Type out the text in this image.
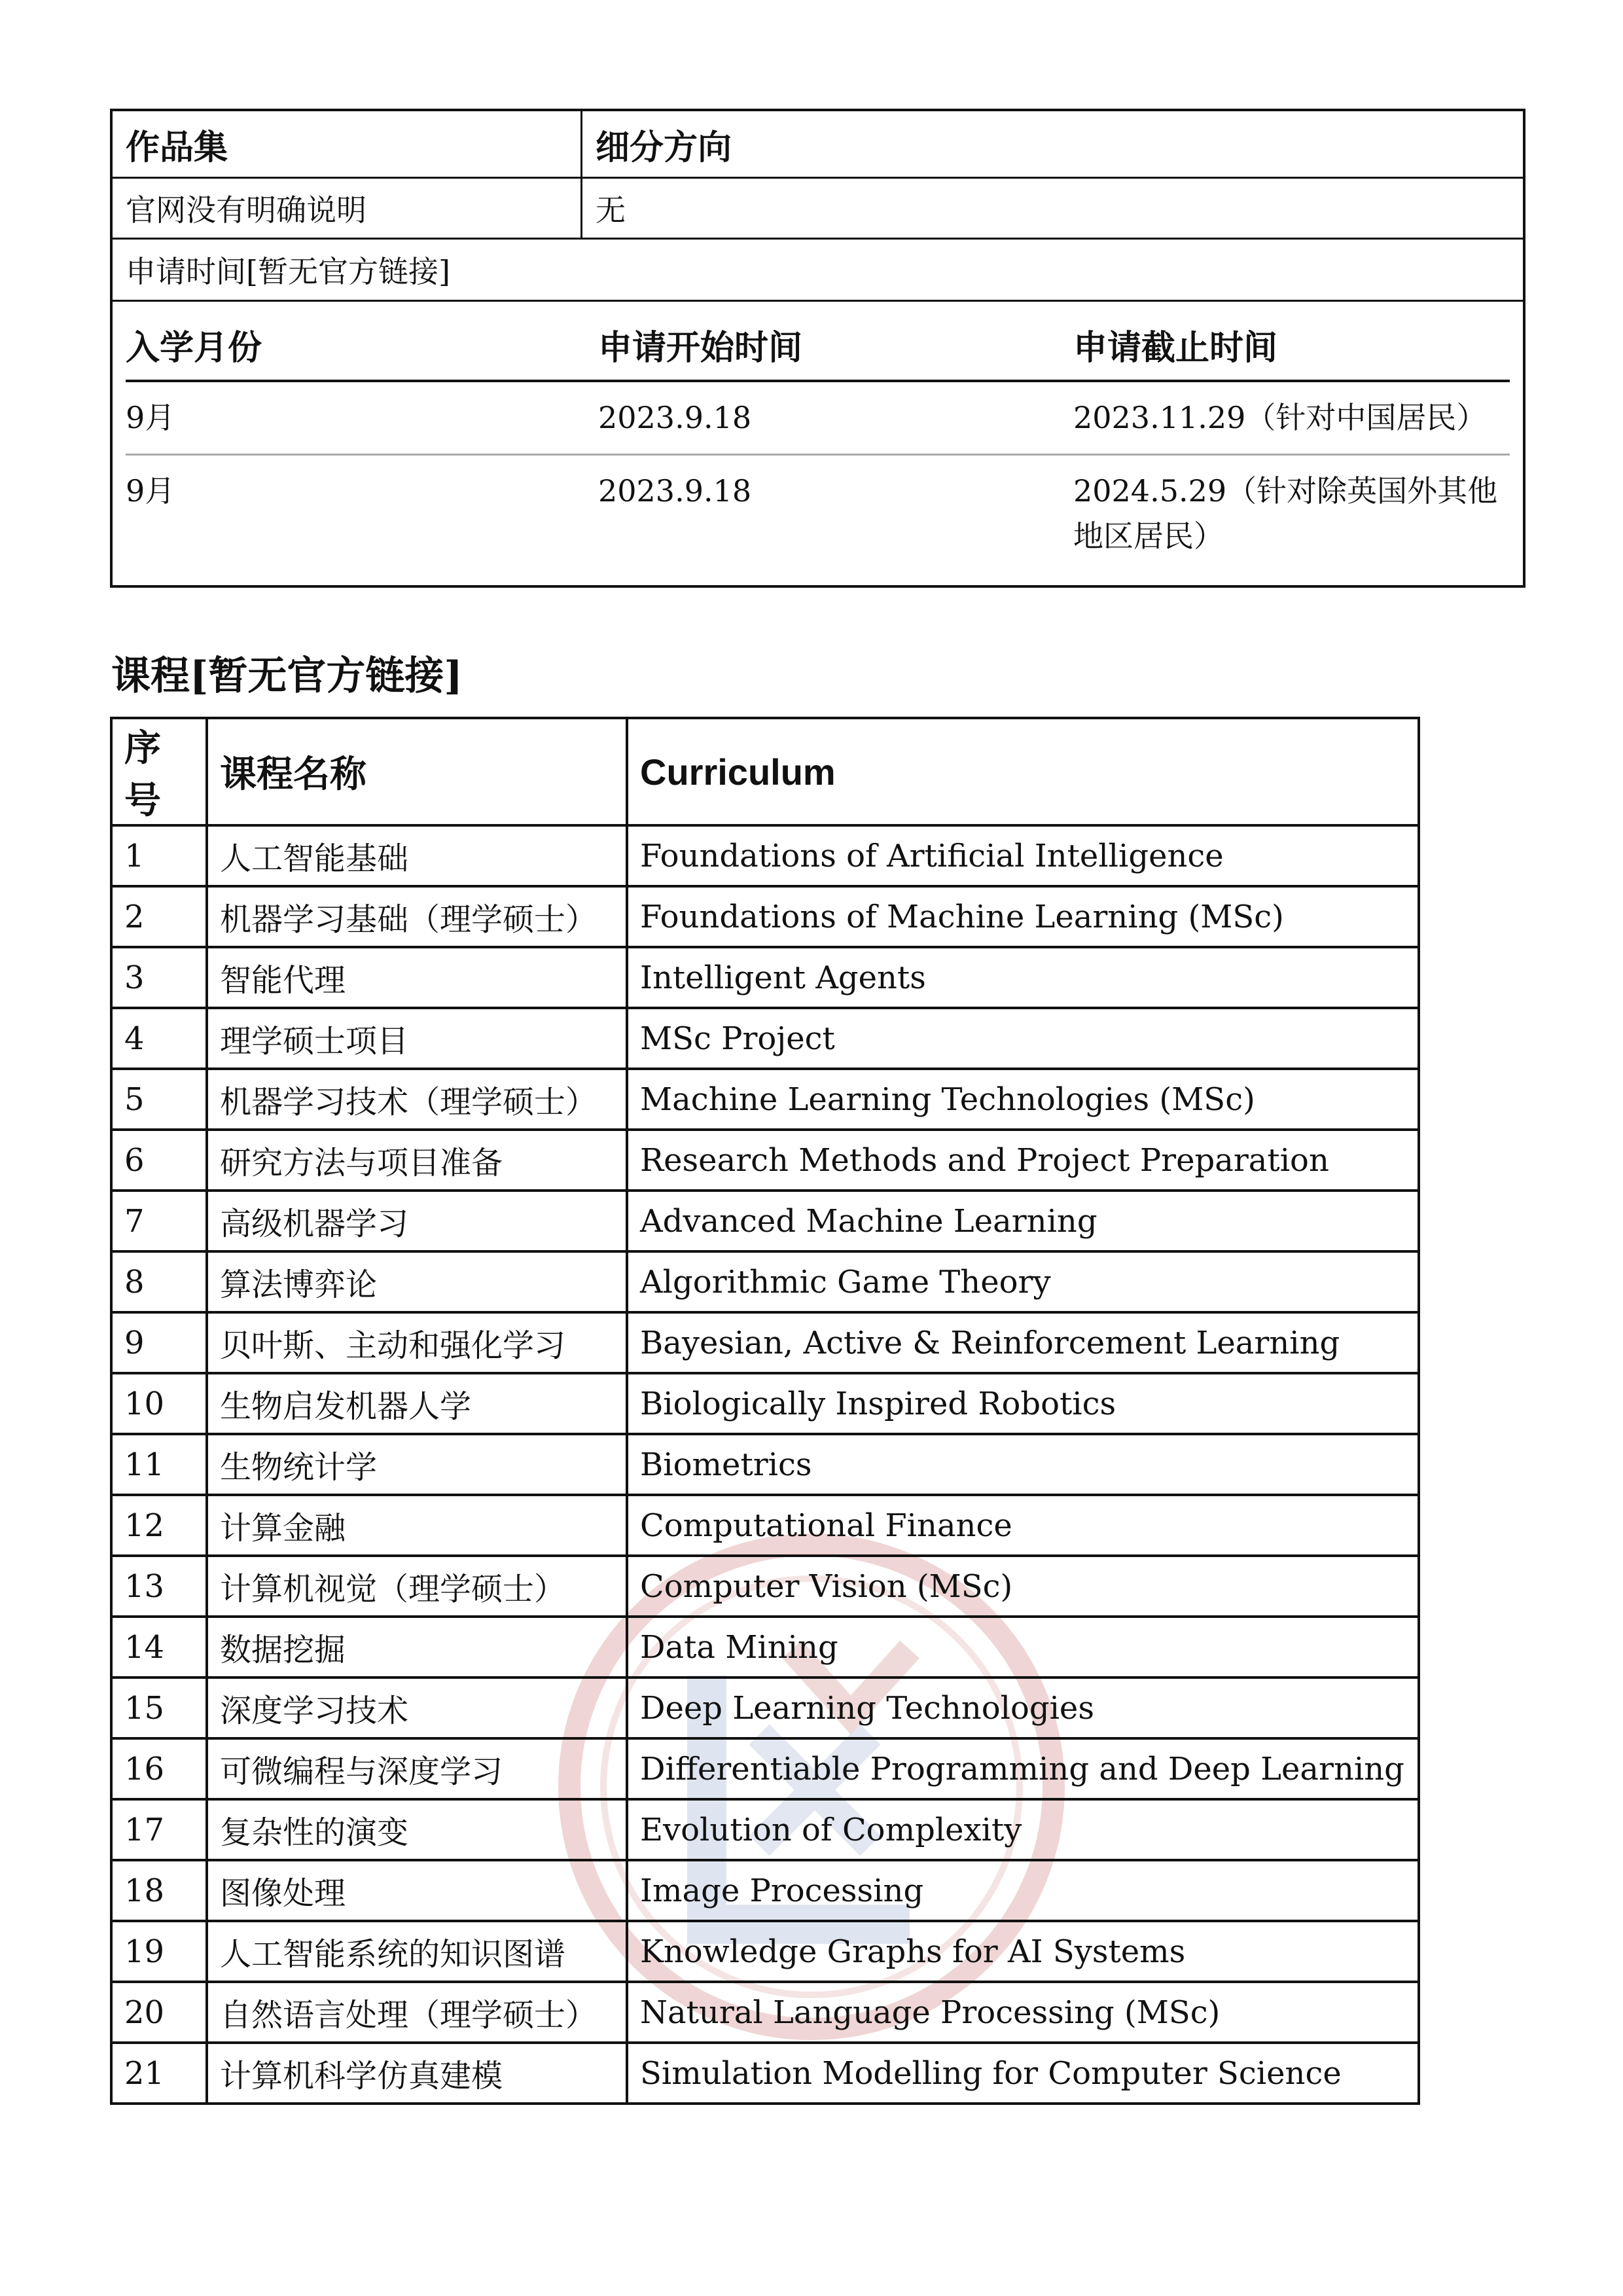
作品集	细分方向
官网没有明确说明	无
申请时间[暂无官方链接]
入学月份	申请开始时间	申请截止时间
9月	2023.9.18	2023.11.29（针对中国居民）
9月	2023.9.18	2024.5.29（针对除英国外其他地区居民）
课程[暂无官方链接]
序号	课程名称	Curriculum
1	人工智能基础	Foundations of Artificial Intelligence
2	机器学习基础（理学硕士）	Foundations of Machine Learning (MSc)
3	智能代理	Intelligent Agents
4	理学硕士项目	MSc Project
5	机器学习技术（理学硕士）	Machine Learning Technologies (MSc)
6	研究方法与项目准备	Research Methods and Project Preparation
7	高级机器学习	Advanced Machine Learning
8	算法博弈论	Algorithmic Game Theory
9	贝叶斯、主动和强化学习	Bayesian, Active & Reinforcement Learning
10	生物启发机器人学	Biologically Inspired Robotics
11	生物统计学	Biometrics
12	计算金融	Computational Finance
13	计算机视觉（理学硕士）	Computer Vision (MSc)
14	数据挖掘	Data Mining
15	深度学习技术	Deep Learning Technologies
16	可微编程与深度学习	Differentiable Programming and Deep Learning
17	复杂性的演变	Evolution of Complexity
18	图像处理	Image Processing
19	人工智能系统的知识图谱	Knowledge Graphs for AI Systems
20	自然语言处理（理学硕士）	Natural Language Processing (MSc)
21	计算机科学仿真建模	Simulation Modelling for Computer Science
